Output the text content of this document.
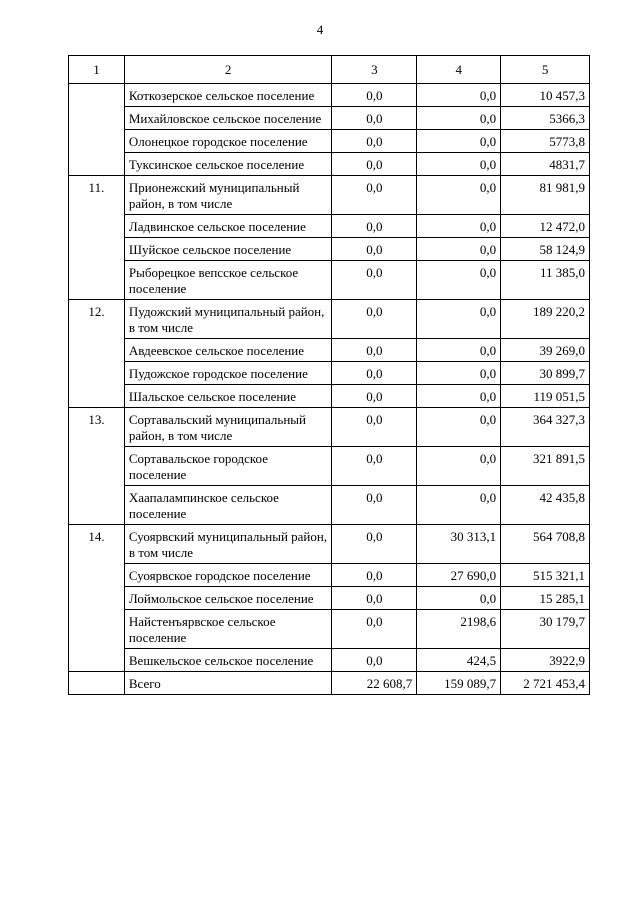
4
1	2	3	4	5
	Коткозерское сельское поселение	0,0	0,0	10 457,3
	Михайловское сельское поселение	0,0	0,0	5366,3
	Олонецкое городское поселение	0,0	0,0	5773,8
	Туксинское сельское поселение	0,0	0,0	4831,7
11.	Прионежский муниципальный район, в том числе	0,0	0,0	81 981,9
	Ладвинское сельское поселение	0,0	0,0	12 472,0
	Шуйское сельское поселение	0,0	0,0	58 124,9
	Рыборецкое вепсское сельское поселение	0,0	0,0	11 385,0
12.	Пудожский муниципальный район, в том числе	0,0	0,0	189 220,2
	Авдеевское сельское поселение	0,0	0,0	39 269,0
	Пудожское городское поселение	0,0	0,0	30 899,7
	Шальское сельское поселение	0,0	0,0	119 051,5
13.	Сортавальский муниципальный район, в том числе	0,0	0,0	364 327,3
	Сортавальское городское поселение	0,0	0,0	321 891,5
	Хаапалампинское сельское поселение	0,0	0,0	42 435,8
14.	Суоярвский муниципальный район, в том числе	0,0	30 313,1	564 708,8
	Суоярвское городское поселение	0,0	27 690,0	515 321,1
	Лоймольское сельское поселение	0,0	0,0	15 285,1
	Найстенъярвское сельское поселение	0,0	2198,6	30 179,7
	Вешкельское сельское поселение	0,0	424,5	3922,9
	Всего	22 608,7	159 089,7	2 721 453,4
